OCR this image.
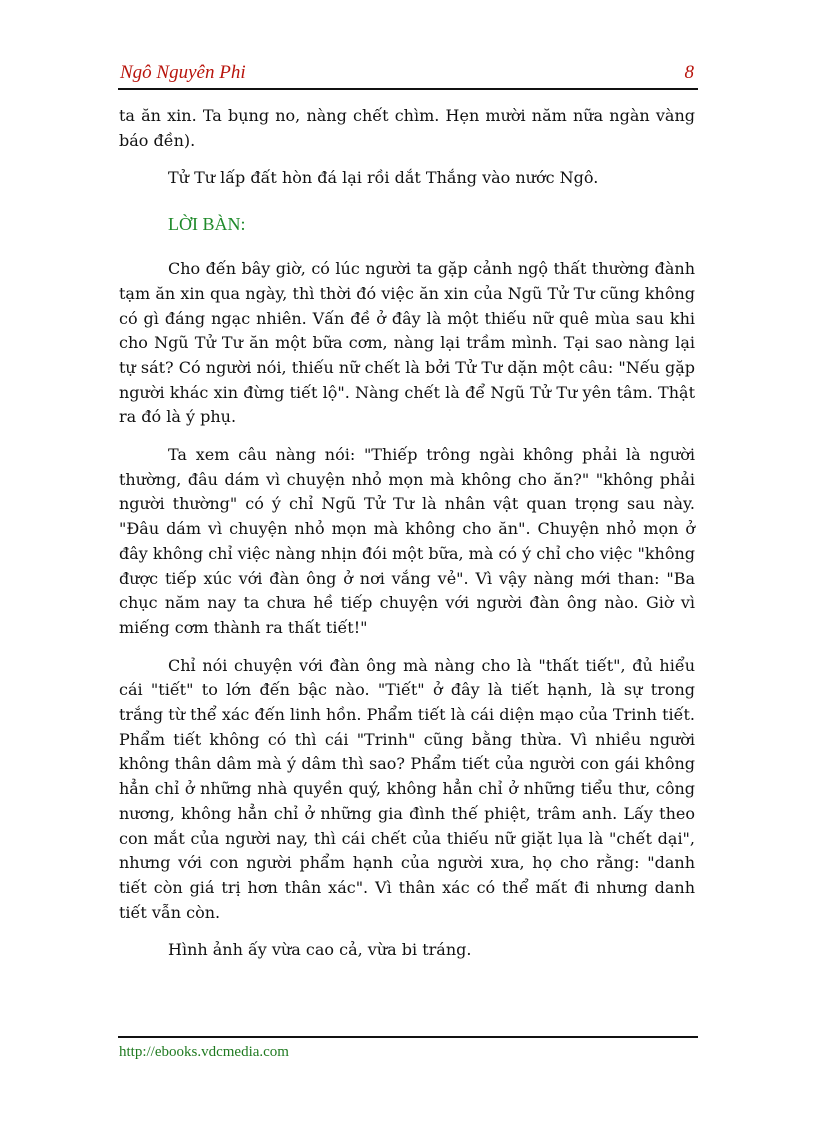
Ngô Nguyên Phi	8

ta ăn xin. Ta bụng no, nàng chết chìm. Hẹn mười năm nữa ngàn vàng báo đền).

Tử Tư lấp đất hòn đá lại rồi dắt Thắng vào nước Ngô.

LỜI BÀN:

Cho đến bây giờ, có lúc người ta gặp cảnh ngộ thất thường đành tạm ăn xin qua ngày, thì thời đó việc ăn xin của Ngũ Tử Tư cũng không có gì đáng ngạc nhiên. Vấn đề ở đây là một thiếu nữ quê mùa sau khi cho Ngũ Tử Tư ăn một bữa cơm, nàng lại trầm mình. Tại sao nàng lại tự sát? Có người nói, thiếu nữ chết là bởi Tử Tư dặn một câu: "Nếu gặp người khác xin đừng tiết lộ". Nàng chết là để Ngũ Tử Tư yên tâm. Thật ra đó là ý phụ.

Ta xem câu nàng nói: "Thiếp trông ngài không phải là người thường, đâu dám vì chuyện nhỏ mọn mà không cho ăn?" "không phải người thường" có ý chỉ Ngũ Tử Tư là nhân vật quan trọng sau này. "Đâu dám vì chuyện nhỏ mọn mà không cho ăn". Chuyện nhỏ mọn ở đây không chỉ việc nàng nhịn đói một bữa, mà có ý chỉ cho việc "không được tiếp xúc với đàn ông ở nơi vắng vẻ". Vì vậy nàng mới than: "Ba chục năm nay ta chưa hề tiếp chuyện với người đàn ông nào. Giờ vì miếng cơm thành ra thất tiết!"

Chỉ nói chuyện với đàn ông mà nàng cho là "thất tiết", đủ hiểu cái "tiết" to lớn đến bậc nào. "Tiết" ở đây là tiết hạnh, là sự trong trắng từ thể xác đến linh hồn. Phẩm tiết là cái diện mạo của Trinh tiết. Phẩm tiết không có thì cái "Trinh" cũng bằng thừa. Vì nhiều người không thân dâm mà ý dâm thì sao? Phẩm tiết của người con gái không hẳn chỉ ở những nhà quyền quý, không hẳn chỉ ở những tiểu thư, công nương, không hẳn chỉ ở những gia đình thế phiệt, trâm anh. Lấy theo con mắt của người nay, thì cái chết của thiếu nữ giặt lụa là "chết dại", nhưng với con người phẩm hạnh của người xưa, họ cho rằng: "danh tiết còn giá trị hơn thân xác". Vì thân xác có thể mất đi nhưng danh tiết vẫn còn.

Hình ảnh ấy vừa cao cả, vừa bi tráng.

http://ebooks.vdcmedia.com
